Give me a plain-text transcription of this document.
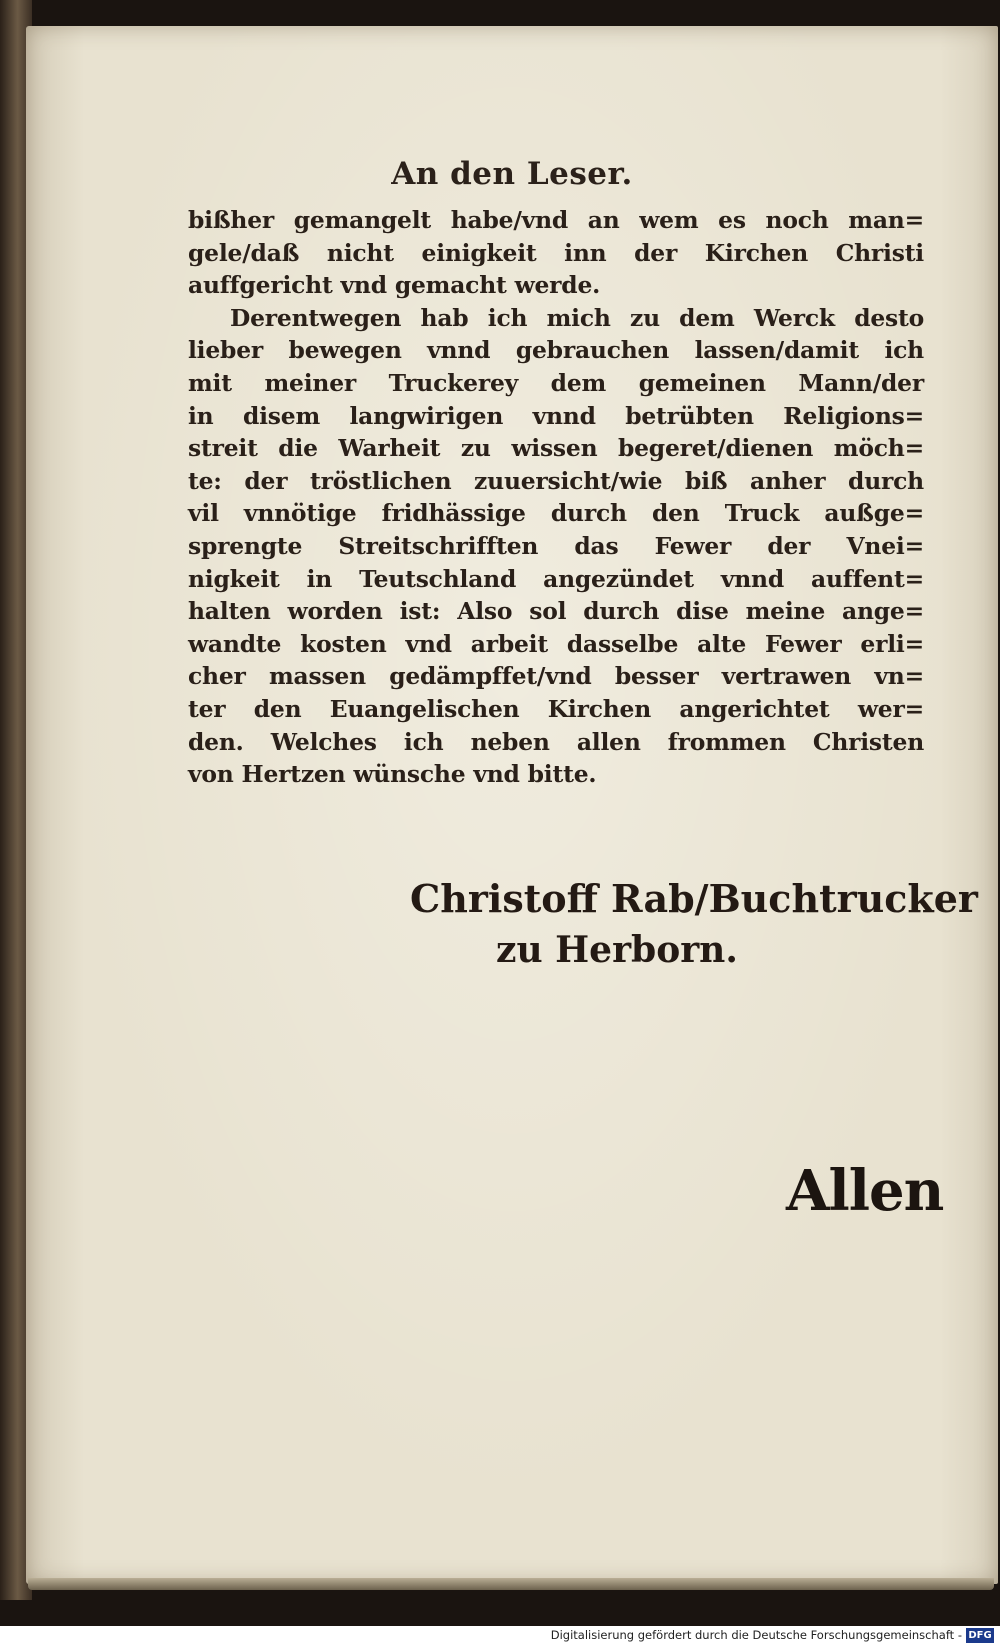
An den Leser.
bißher gemangelt habe/vnd an wem es noch man=
gele/daß nicht einigkeit inn der Kirchen Christi
auffgericht vnd gemacht werde.
Derentwegen hab ich mich zu dem Werck desto
lieber bewegen vnnd gebrauchen lassen/damit ich
mit meiner Truckerey dem gemeinen Mann/der
in disem langwirigen vnnd betrübten Religions=
streit die Warheit zu wissen begeret/dienen möch=
te: der tröstlichen zuuersicht/wie biß anher durch
vil vnnötige fridhässige durch den Truck außge=
sprengte Streitschrifften das Fewer der Vnei=
nigkeit in Teutschland angezündet vnnd auffent=
halten worden ist: Also sol durch dise meine ange=
wandte kosten vnd arbeit dasselbe alte Fewer erli=
cher massen gedämpffet/vnd besser vertrawen vn=
ter den Euangelischen Kirchen angerichtet wer=
den. Welches ich neben allen frommen Christen
von Hertzen wünsche vnd bitte.
Christoff Rab/Buchtrucker
zu Herborn.
Allen
Digitalisierung gefördert durch die Deutsche Forschungsgemeinschaft - DFG
